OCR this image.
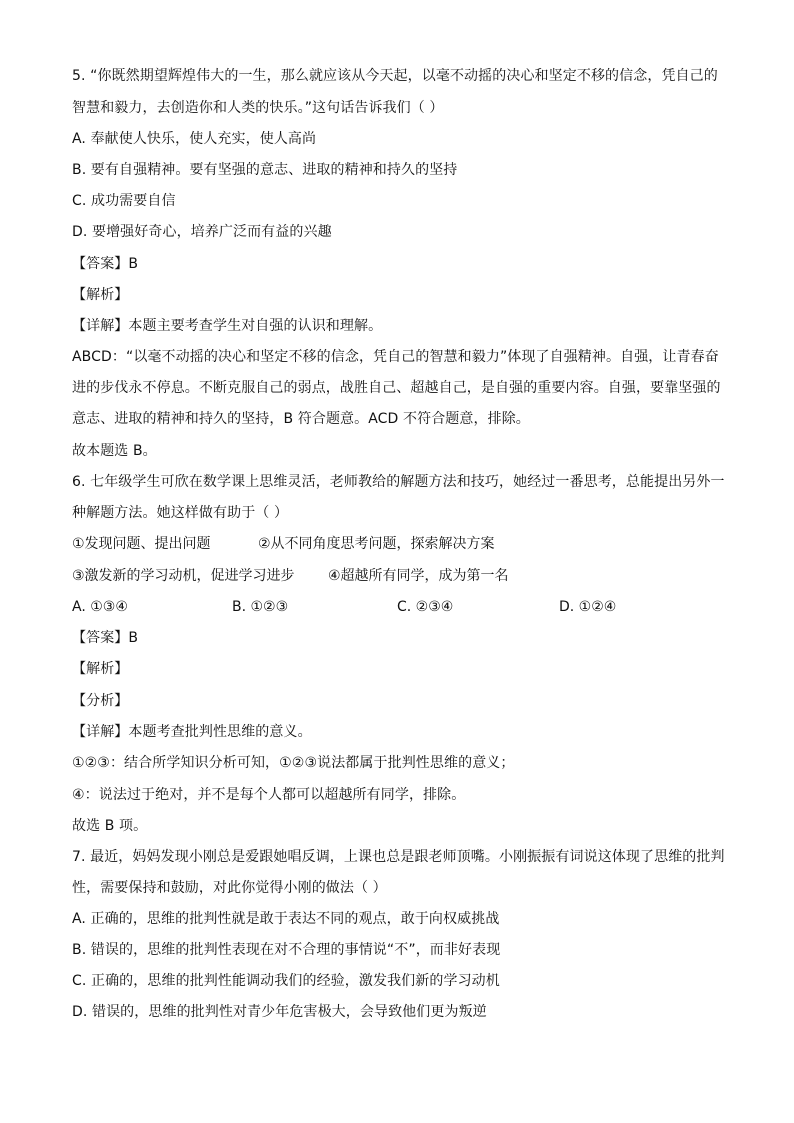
5. “你既然期望辉煌伟大的一生，那么就应该从今天起，以毫不动摇的决心和坚定不移的信念，凭自己的
智慧和毅力，去创造你和人类的快乐。”这句话告诉我们（ ）
A. 奉献使人快乐，使人充实，使人高尚
B. 要有自强精神。要有坚强的意志、进取的精神和持久的坚持
C. 成功需要自信
D. 要增强好奇心，培养广泛而有益的兴趣
【答案】B
【解析】
【详解】本题主要考查学生对自强的认识和理解。
ABCD：“以毫不动摇的决心和坚定不移的信念，凭自己的智慧和毅力”体现了自强精神。自强，让青春奋
进的步伐永不停息。不断克服自己的弱点，战胜自己、超越自己，是自强的重要内容。自强，要靠坚强的
意志、进取的精神和持久的坚持，B 符合题意。ACD 不符合题意，排除。
故本题选 B。
6. 七年级学生可欣在数学课上思维灵活，老师教给的解题方法和技巧，她经过一番思考，总能提出另外一
种解题方法。她这样做有助于（ ）
①发现问题、提出问题	②从不同角度思考问题，探索解决方案
③激发新的学习动机，促进学习进步 ④超越所有同学，成为第一名
A. ①③④	B. ①②③	C. ②③④	D. ①②④
【答案】B
【解析】
【分析】
【详解】本题考查批判性思维的意义。
①②③：结合所学知识分析可知，①②③说法都属于批判性思维的意义；
④：说法过于绝对，并不是每个人都可以超越所有同学，排除。
故选 B 项。
7. 最近，妈妈发现小刚总是爱跟她唱反调，上课也总是跟老师顶嘴。小刚振振有词说这体现了思维的批判
性，需要保持和鼓励，对此你觉得小刚的做法（ ）
A. 正确的，思维的批判性就是敢于表达不同的观点，敢于向权威挑战
B. 错误的，思维的批判性表现在对不合理的事情说“不”，而非好表现
C. 正确的，思维的批判性能调动我们的经验，激发我们新的学习动机
D. 错误的，思维的批判性对青少年危害极大，会导致他们更为叛逆
